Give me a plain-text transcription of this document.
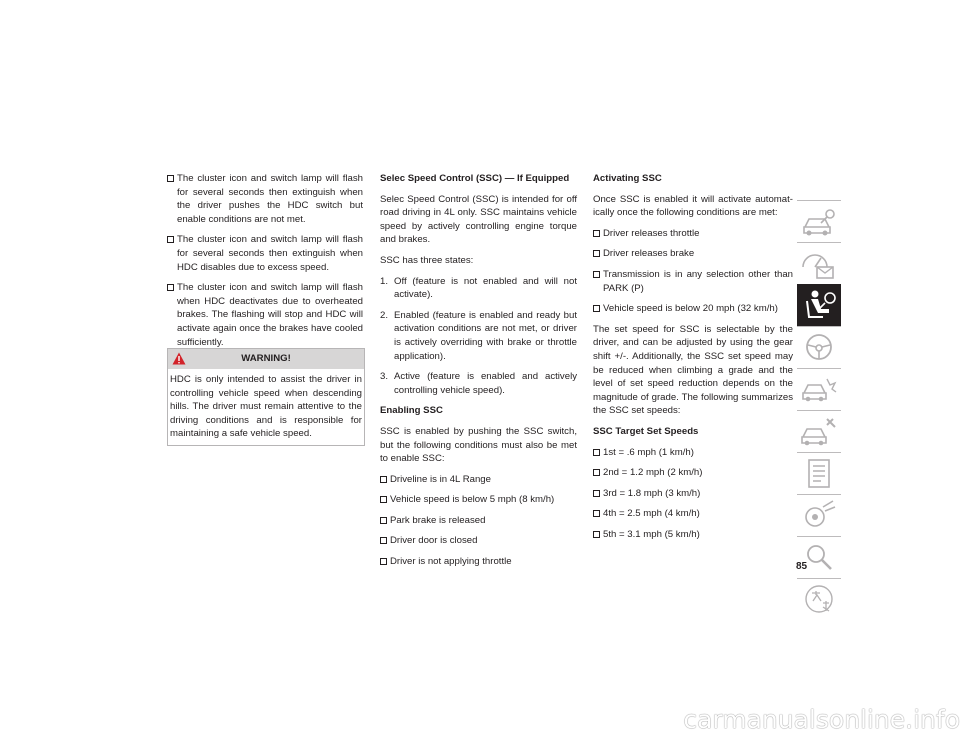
The cluster icon and switch lamp will flash for several seconds then extinguish when the driver pushes the HDC switch but enable conditions are not met.
The cluster icon and switch lamp will flash for several seconds then extinguish when HDC disables due to excess speed.
The cluster icon and switch lamp will flash when HDC deactivates due to overheated brakes. The flashing will stop and HDC will activate again once the brakes have cooled sufficiently.
WARNING!

HDC is only intended to assist the driver in controlling vehicle speed when descending hills. The driver must remain attentive to the driving conditions and is responsible for maintaining a safe vehicle speed.

Selec Speed Control (SSC) — If Equipped

Selec Speed Control (SSC) is intended for off road driving in 4L only. SSC maintains vehicle speed by actively controlling engine torque and brakes.

SSC has three states:

1. Off (feature is not enabled and will not activate).
2. Enabled (feature is enabled and ready but activation conditions are not met, or driver is actively overriding with brake or throttle application).
3. Active (feature is enabled and actively controlling vehicle speed).
Enabling SSC

SSC is enabled by pushing the SSC switch, but the following conditions must also be met to enable SSC:

Driveline is in 4L Range
Vehicle speed is below 5 mph (8 km/h)
Park brake is released
Driver door is closed
Driver is not applying throttle
Activating SSC

Once SSC is enabled it will activate automat-ically once the following conditions are met:

Driver releases throttle
Driver releases brake
Transmission is in any selection other than PARK (P)
Vehicle speed is below 20 mph (32 km/h)

The set speed for SSC is selectable by the driver, and can be adjusted by using the gear shift +/-. Additionally, the SSC set speed may be reduced when climbing a grade and the level of set speed reduction depends on the magnitude of grade. The following summarizes the SSC set speeds:

SSC Target Set Speeds
1st = .6 mph (1 km/h)
2nd = 1.2 mph (2 km/h)
3rd = 1.8 mph (3 km/h)
4th = 2.5 mph (4 km/h)
5th = 3.1 mph (5 km/h)
85
carmanualsonline.info
